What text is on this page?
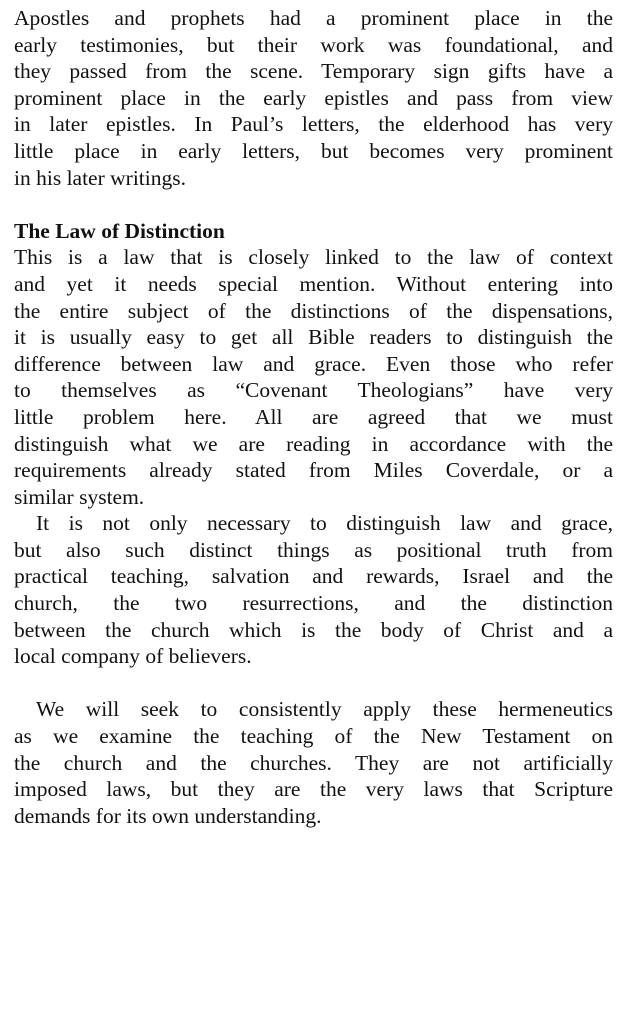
Apostles and prophets had a prominent place in the
early testimonies, but their work was foundational, and
they passed from the scene. Temporary sign gifts have a
prominent place in the early epistles and pass from view
in later epistles. In Paul’s letters, the elderhood has very
little place in early letters, but becomes very prominent
in his later writings.
The Law of Distinction
This is a law that is closely linked to the law of context
and yet it needs special mention. Without entering into
the entire subject of the distinctions of the dispensations,
it is usually easy to get all Bible readers to distinguish the
difference between law and grace. Even those who refer
to themselves as “Covenant Theologians” have very
little problem here. All are agreed that we must
distinguish what we are reading in accordance with the
requirements already stated from Miles Coverdale, or a
similar system.
It is not only necessary to distinguish law and grace,
but also such distinct things as positional truth from
practical teaching, salvation and rewards, Israel and the
church, the two resurrections, and the distinction
between the church which is the body of Christ and a
local company of believers.
We will seek to consistently apply these hermeneutics
as we examine the teaching of the New Testament on
the church and the churches. They are not artificially
imposed laws, but they are the very laws that Scripture
demands for its own understanding.
